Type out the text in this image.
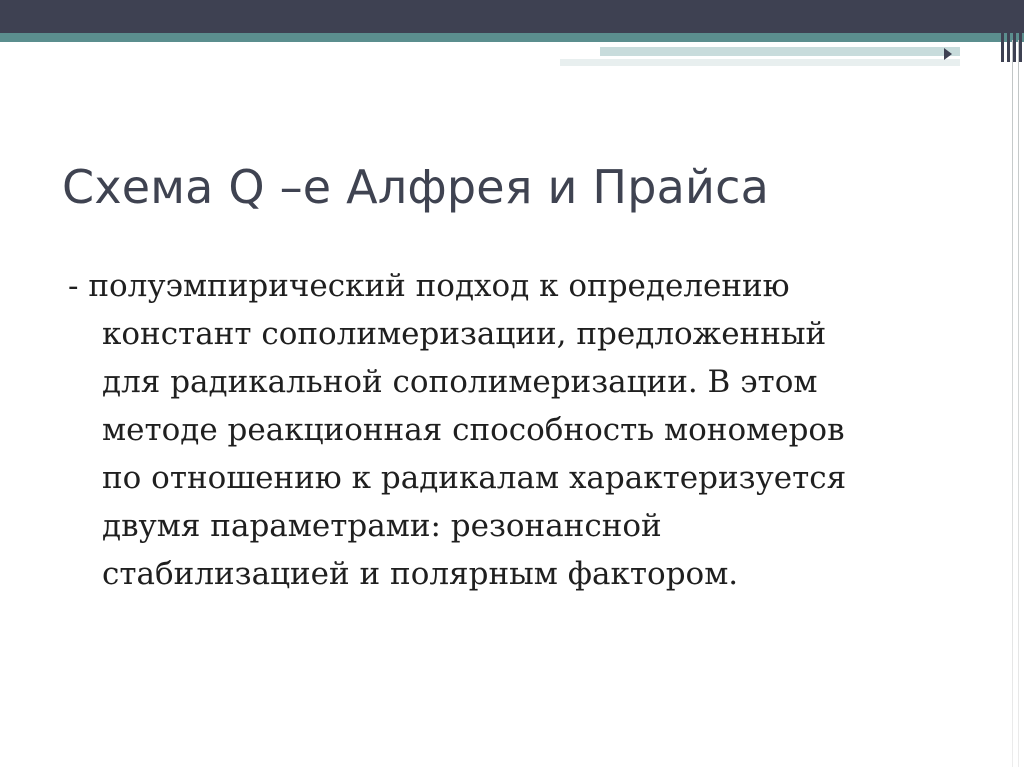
Схема Q –e Алфрея и Прайса
- полуэмпирический подход к определению
констант сополимеризации, предложенный
для радикальной сополимеризации. В этом
методе реакционная способность мономеров
по отношению к радикалам характеризуется
двумя параметрами: резонансной
стабилизацией и полярным фактором.
